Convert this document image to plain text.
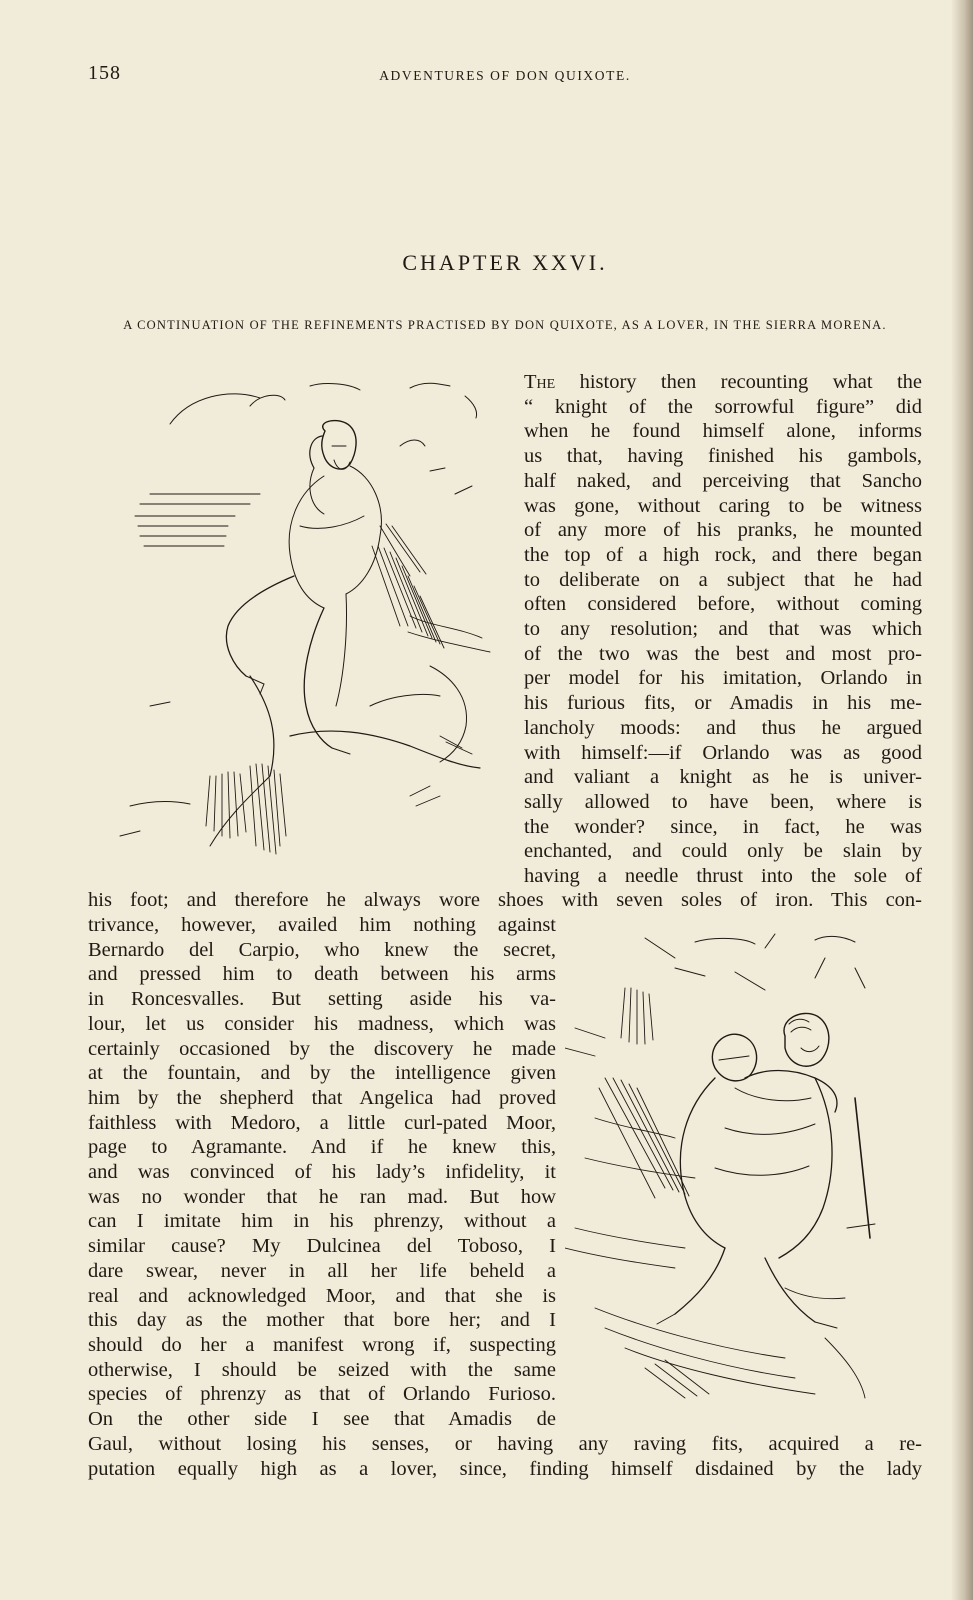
158	ADVENTURES OF DON QUIXOTE.
CHAPTER XXVI.
A CONTINUATION OF THE REFINEMENTS PRACTISED BY DON QUIXOTE, AS A LOVER, IN THE SIERRA MORENA.
The history then recounting what the
“ knight of the sorrowful figure” did
when he found himself alone, informs
us that, having finished his gambols,
half naked, and perceiving that Sancho
was gone, without caring to be witness
of any more of his pranks, he mounted
the top of a high rock, and there began
to deliberate on a subject that he had
often considered before, without coming
to any resolution; and that was which
of the two was the best and most pro-
per model for his imitation, Orlando in
his furious fits, or Amadis in his me-
lancholy moods: and thus he argued
with himself:—if Orlando was as good
and valiant a knight as he is univer-
sally allowed to have been, where is
the wonder? since, in fact, he was
enchanted, and could only be slain by
having a needle thrust into the sole of
his foot; and therefore he always wore shoes with seven soles of iron. This con-
trivance, however, availed him nothing against
Bernardo del Carpio, who knew the secret,
and pressed him to death between his arms
in Roncesvalles. But setting aside his va-
lour, let us consider his madness, which was
certainly occasioned by the discovery he made
at the fountain, and by the intelligence given
him by the shepherd that Angelica had proved
faithless with Medoro, a little curl-pated Moor,
page to Agramante. And if he knew this,
and was convinced of his lady’s infidelity, it
was no wonder that he ran mad. But how
can I imitate him in his phrenzy, without a
similar cause? My Dulcinea del Toboso, I
dare swear, never in all her life beheld a
real and acknowledged Moor, and that she is
this day as the mother that bore her; and I
should do her a manifest wrong if, suspecting
otherwise, I should be seized with the same
species of phrenzy as that of Orlando Furioso.
On the other side I see that Amadis de
Gaul, without losing his senses, or having any raving fits, acquired a re-
putation equally high as a lover, since, finding himself disdained by the lady
